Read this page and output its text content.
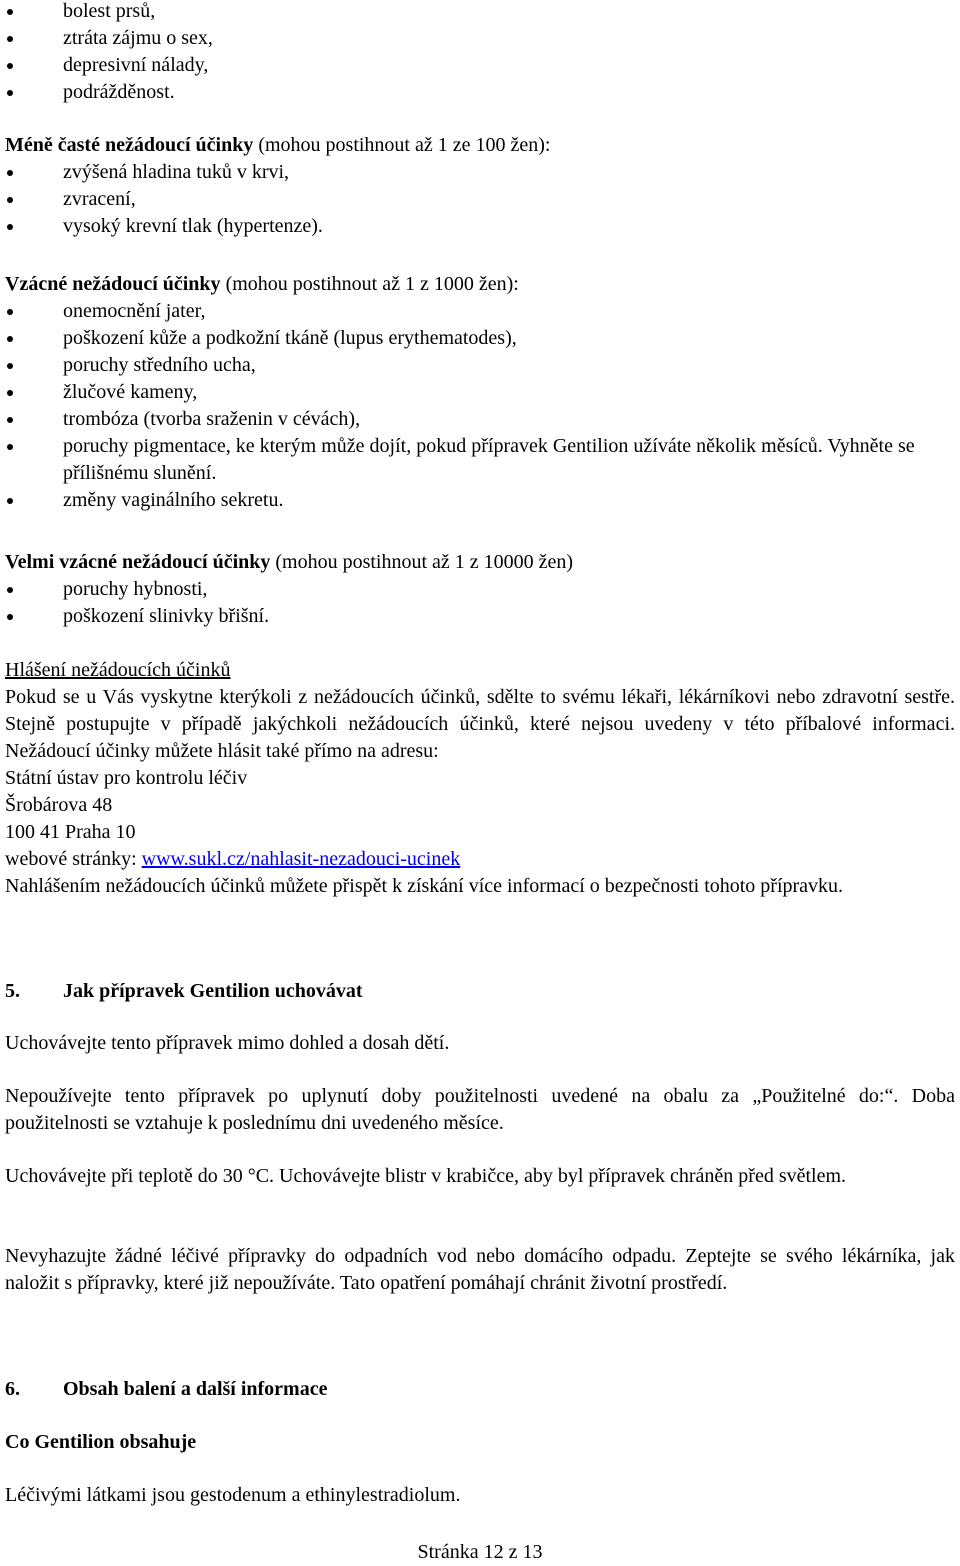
bolest prsů,
ztráta zájmu o sex,
depresivní nálady,
podrážděnost.
Méně časté nežádoucí účinky (mohou postihnout až 1 ze 100 žen):
zvýšená hladina tuků v krvi,
zvracení,
vysoký krevní tlak (hypertenze).
Vzácné nežádoucí účinky (mohou postihnout až 1 z 1000 žen):
onemocnění jater,
poškození kůže a podkožní tkáně (lupus erythematodes),
poruchy středního ucha,
žlučové kameny,
trombóza (tvorba sraženin v cévách),
poruchy pigmentace, ke kterým může dojít, pokud přípravek Gentilion užíváte několik měsíců. Vyhněte se přílišnému slunění.
změny vaginálního sekretu.
Velmi vzácné nežádoucí účinky (mohou postihnout až 1 z 10000 žen)
poruchy hybnosti,
poškození slinivky břišní.
Hlášení nežádoucích účinků
Pokud se u Vás vyskytne kterýkoli z nežádoucích účinků, sdělte to svému lékaři, lékárníkovi nebo zdravotní sestře. Stejně postupujte v případě jakýchkoli nežádoucích účinků, které nejsou uvedeny v této příbalové informaci. Nežádoucí účinky můžete hlásit také přímo na adresu:
Státní ústav pro kontrolu léčiv
Šrobárova 48
100 41 Praha 10
webové stránky: www.sukl.cz/nahlasit-nezadouci-ucinek
Nahlášením nežádoucích účinků můžete přispět k získání více informací o bezpečnosti tohoto přípravku.
5.	Jak přípravek Gentilion uchovávat
Uchovávejte tento přípravek mimo dohled a dosah dětí.
Nepoužívejte tento přípravek po uplynutí doby použitelnosti uvedené na obalu za „Použitelné do:“. Doba použitelnosti se vztahuje k poslednímu dni uvedeného měsíce.
Uchovávejte při teplotě do 30 °C. Uchovávejte blistr v krabičce, aby byl přípravek chráněn před světlem.
Nevyhazujte žádné léčivé přípravky do odpadních vod nebo domácího odpadu. Zeptejte se svého lékárníka, jak naložit s přípravky, které již nepoužíváte. Tato opatření pomáhají chránit životní prostředí.
6.	Obsah balení a další informace
Co Gentilion obsahuje
Léčivými látkami jsou gestodenum a ethinylestradiolum.
Stránka 12 z 13
